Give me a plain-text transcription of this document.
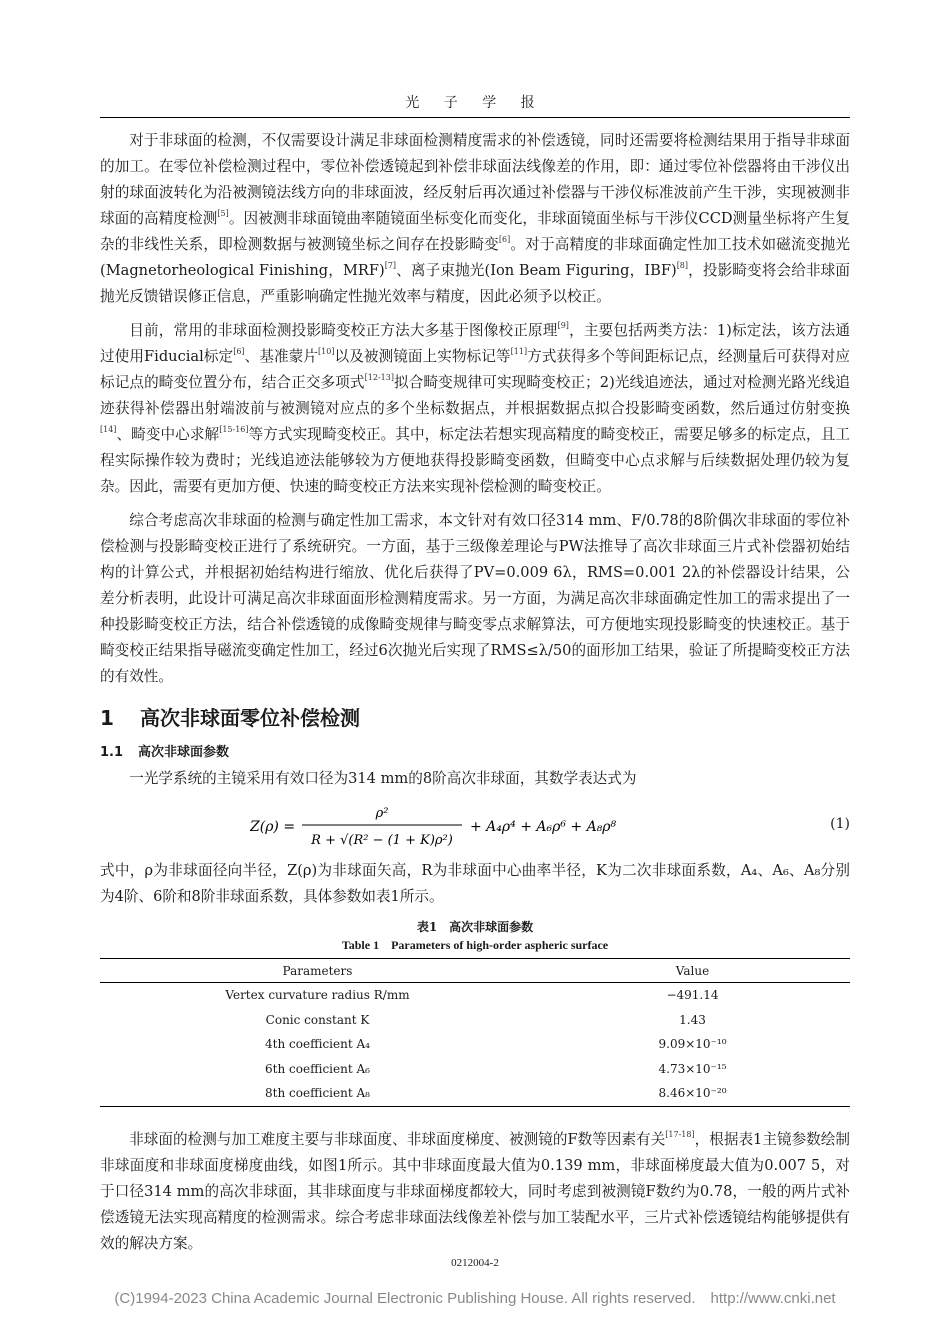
光 子 学 报

对于非球面的检测，不仅需要设计满足非球面检测精度需求的补偿透镜，同时还需要将检测结果用于指导非球面的加工。在零位补偿检测过程中，零位补偿透镜起到补偿非球面法线像差的作用，即：通过零位补偿器将由干涉仪出射的球面波转化为沿被测镜法线方向的非球面波，经反射后再次通过补偿器与干涉仪标准波前产生干涉，实现被测非球面的高精度检测[5]。因被测非球面镜曲率随镜面坐标变化而变化，非球面镜面坐标与干涉仪CCD测量坐标将产生复杂的非线性关系，即检测数据与被测镜坐标之间存在投影畸变[6]。对于高精度的非球面确定性加工技术如磁流变抛光(Magnetorheological Finishing，MRF)[7]、离子束抛光(Ion Beam Figuring，IBF)[8]，投影畸变将会给非球面抛光反馈错误修正信息，严重影响确定性抛光效率与精度，因此必须予以校正。

目前，常用的非球面检测投影畸变校正方法大多基于图像校正原理[9]，主要包括两类方法：1)标定法，该方法通过使用Fiducial标定[6]、基准蒙片[10]以及被测镜面上实物标记等[11]方式获得多个等间距标记点，经测量后可获得对应标记点的畸变位置分布，结合正交多项式[12-13]拟合畸变规律可实现畸变校正；2)光线追迹法，通过对检测光路光线追迹获得补偿器出射端波前与被测镜对应点的多个坐标数据点，并根据数据点拟合投影畸变函数，然后通过仿射变换[14]、畸变中心求解[15-16]等方式实现畸变校正。其中，标定法若想实现高精度的畸变校正，需要足够多的标定点，且工程实际操作较为费时；光线追迹法能够较为方便地获得投影畸变函数，但畸变中心点求解与后续数据处理仍较为复杂。因此，需要有更加方便、快速的畸变校正方法来实现补偿检测的畸变校正。

综合考虑高次非球面的检测与确定性加工需求，本文针对有效口径314 mm、F/0.78的8阶偶次非球面的零位补偿检测与投影畸变校正进行了系统研究。一方面，基于三级像差理论与PW法推导了高次非球面三片式补偿器初始结构的计算公式，并根据初始结构进行缩放、优化后获得了PV=0.009 6λ，RMS=0.001 2λ的补偿器设计结果，公差分析表明，此设计可满足高次非球面面形检测精度需求。另一方面，为满足高次非球面确定性加工的需求提出了一种投影畸变校正方法，结合补偿透镜的成像畸变规律与畸变零点求解算法，可方便地实现投影畸变的快速校正。基于畸变校正结果指导磁流变确定性加工，经过6次抛光后实现了RMS≤λ/50的面形加工结果，验证了所提畸变校正方法的有效性。

1 高次非球面零位补偿检测
1.1 高次非球面参数

一光学系统的主镜采用有效口径为314 mm的8阶高次非球面，其数学表达式为

Z(ρ) =
ρ²
R + √(R² − (1 + K)ρ²)
+ A₄ρ⁴ + A₆ρ⁶ + A₈ρ⁸	(1)

式中，ρ为非球面径向半径，Z(ρ)为非球面矢高，R为非球面中心曲率半径，K为二次非球面系数，A₄、A₆、A₈分别为4阶、6阶和8阶非球面系数，具体参数如表1所示。

表1　高次非球面参数
Table 1　Parameters of high-order aspheric surface
Parameters	Value
Vertex curvature radius R/mm	−491.14
Conic constant K	1.43
4th coefficient A₄	9.09×10⁻¹⁰
6th coefficient A₆	4.73×10⁻¹⁵
8th coefficient A₈	8.46×10⁻²⁰

非球面的检测与加工难度主要与非球面度、非球面度梯度、被测镜的F数等因素有关[17-18]，根据表1主镜参数绘制非球面度和非球面度梯度曲线，如图1所示。其中非球面度最大值为0.139 mm，非球面梯度最大值为0.007 5，对于口径314 mm的高次非球面，其非球面度与非球面梯度都较大，同时考虑到被测镜F数约为0.78，一般的两片式补偿透镜无法实现高精度的检测需求。综合考虑非球面法线像差补偿与加工装配水平，三片式补偿透镜结构能够提供有效的解决方案。

0212004-2
(C)1994-2023 China Academic Journal Electronic Publishing House. All rights reserved.　http://www.cnki.net
